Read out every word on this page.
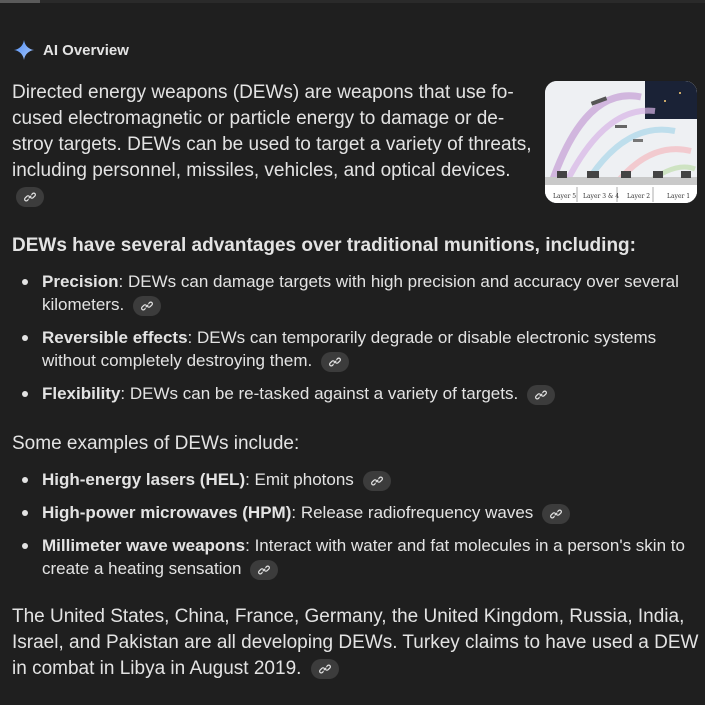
AI Overview
Directed energy weapons (DEWs) are weapons that use focused electromagnetic or particle energy to damage or destroy targets. DEWs can be used to target a variety of threats, including personnel, missiles, vehicles, and optical devices.
Layer 5 Layer 3 & 4 Layer 2	Layer 1
DEWs have several advantages over traditional munitions, including:
Precision: DEWs can damage targets with high precision and accuracy over several kilometers.
Reversible effects: DEWs can temporarily degrade or disable electronic systems without completely destroying them.
Flexibility: DEWs can be re-tasked against a variety of targets.
Some examples of DEWs include:
High-energy lasers (HEL): Emit photons
High-power microwaves (HPM): Release radiofrequency waves
Millimeter wave weapons: Interact with water and fat molecules in a person's skin to create a heating sensation
The United States, China, France, Germany, the United Kingdom, Russia, India, Israel, and Pakistan are all developing DEWs. Turkey claims to have used a DEW in combat in Libya in August 2019.
